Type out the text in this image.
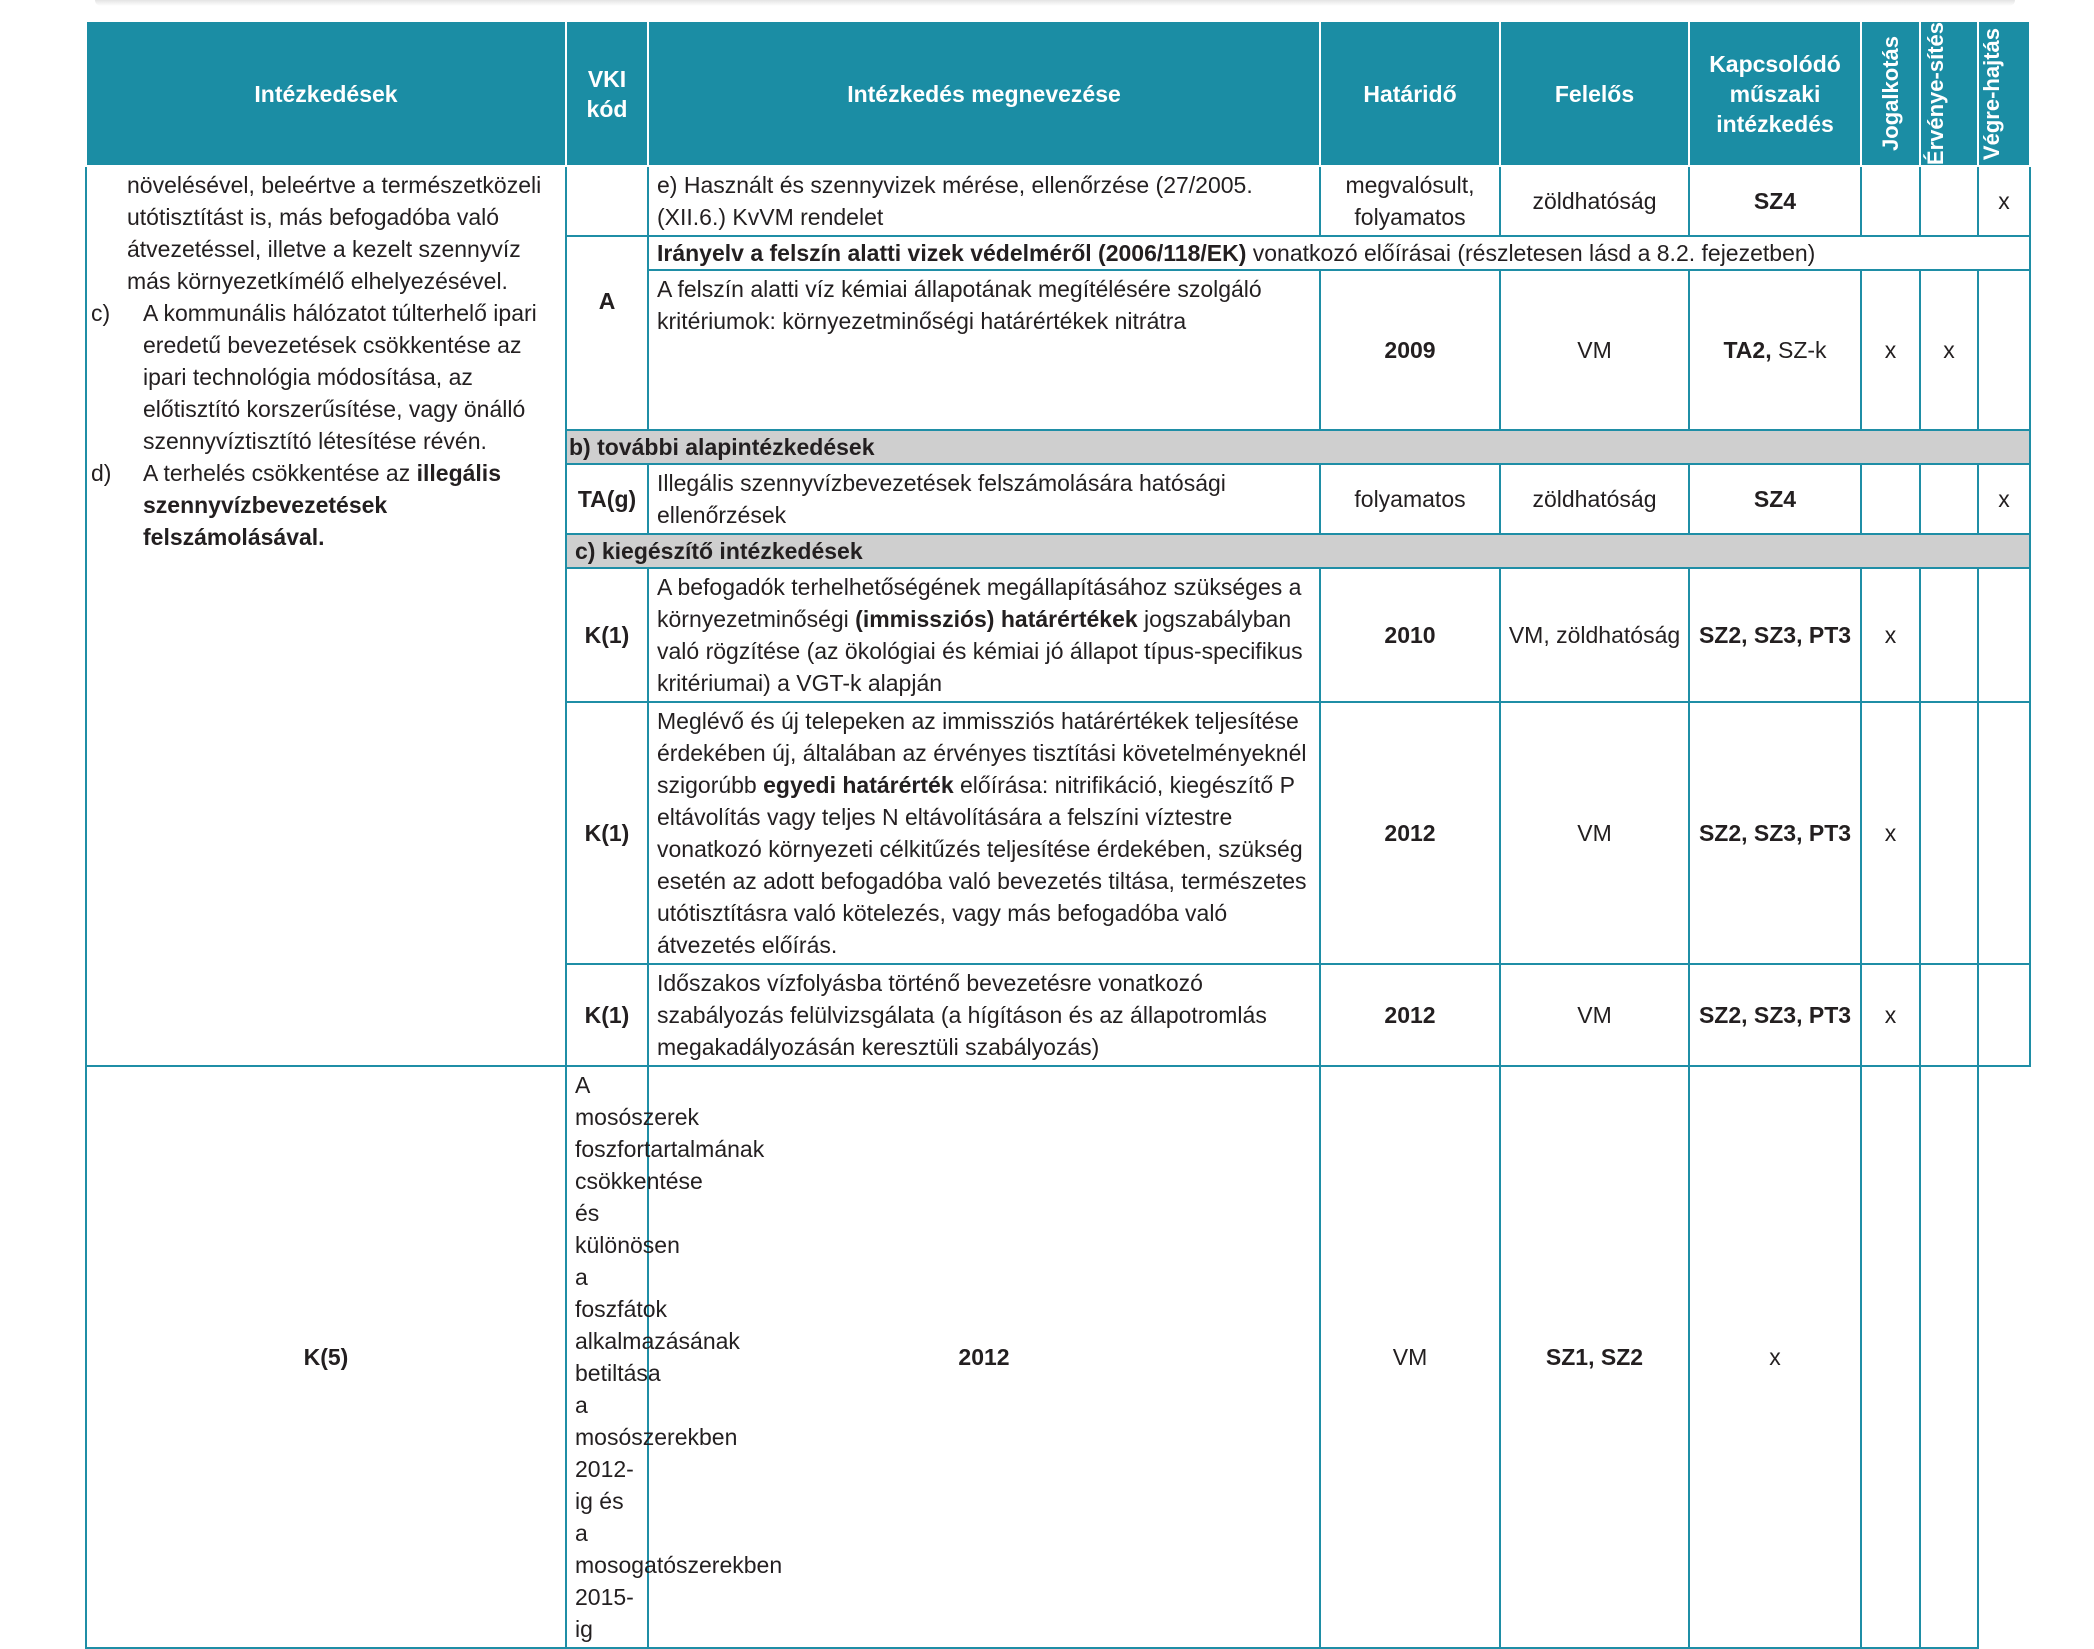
Intézkedések	VKI kód	Intézkedés megnevezése	Határidő	Felelős	Kapcsolódó műszaki intézkedés	Jogalkotás	Érvénye-sítés	Végre-hajtás

növelésével, beleértve a természetközeli utótisztítást is, más befogadóba való átvezetéssel, illetve a kezelt szennyvíz más környezetkímélő elhelyezésével.
c) A kommunális hálózatot túlterhelő ipari eredetű bevezetések csökkentése az ipari technológia módosítása, az előtisztító korszerűsítése, vagy önálló szennyvíztisztító létesítése révén.
d) A terhelés csökkentése az illegális szennyvízbevezetések felszámolásával.		e) Használt és szennyvizek mérése, ellenőrzése (27/2005. (XII.6.) KvVM rendelet	megvalósult, folyamatos	zöldhatóság	SZ4			x
	A	Irányelv a felszín alatti vizek védelméről (2006/118/EK) vonatkozó előírásai (részletesen lásd a 8.2. fejezetben)						
		A felszín alatti víz kémiai állapotának megítélésére szolgáló kritériumok: környezetminőségi határértékek nitrátra	2009	VM	TA2, SZ-k	x	x	
	b) további alapintézkedések							
	TA(g)	Illegális szennyvízbevezetések felszámolására hatósági ellenőrzések	folyamatos	zöldhatóság	SZ4			x
	c) kiegészítő intézkedések							
	K(1)	A befogadók terhelhetőségének megállapításához szükséges a környezetminőségi (immissziós) határértékek jogszabályban való rögzítése (az ökológiai és kémiai jó állapot típus-specifikus kritériumai) a VGT-k alapján	2010	VM, zöldhatóság	SZ2, SZ3, PT3	x		
	K(1)	Meglévő és új telepeken az immissziós határértékek teljesítése érdekében új, általában az érvényes tisztítási követelményeknél szigorúbb egyedi határérték előírása: nitrifikáció, kiegészítő P eltávolítás vagy teljes N eltávolítására a felszíni víztestre vonatkozó környezeti célkitűzés teljesítése érdekében, szükség esetén az adott befogadóba való bevezetés tiltása, természetes utótisztításra való kötelezés, vagy más befogadóba való átvezetés előírás.	2012	VM	SZ2, SZ3, PT3	x		
	K(1)	Időszakos vízfolyásba történő bevezetésre vonatkozó szabályozás felülvizsgálata (a hígításon és az állapotromlás megakadályozásán keresztüli szabályozás)	2012	VM	SZ2, SZ3, PT3	x		
K(5)	A mosószerek foszfortartalmának csökkentése és különösen a foszfátok alkalmazásának betiltása a mosószerekben 2012-ig és a mosogatószerekben 2015-ig	2012	VM	SZ1, SZ2	x			
